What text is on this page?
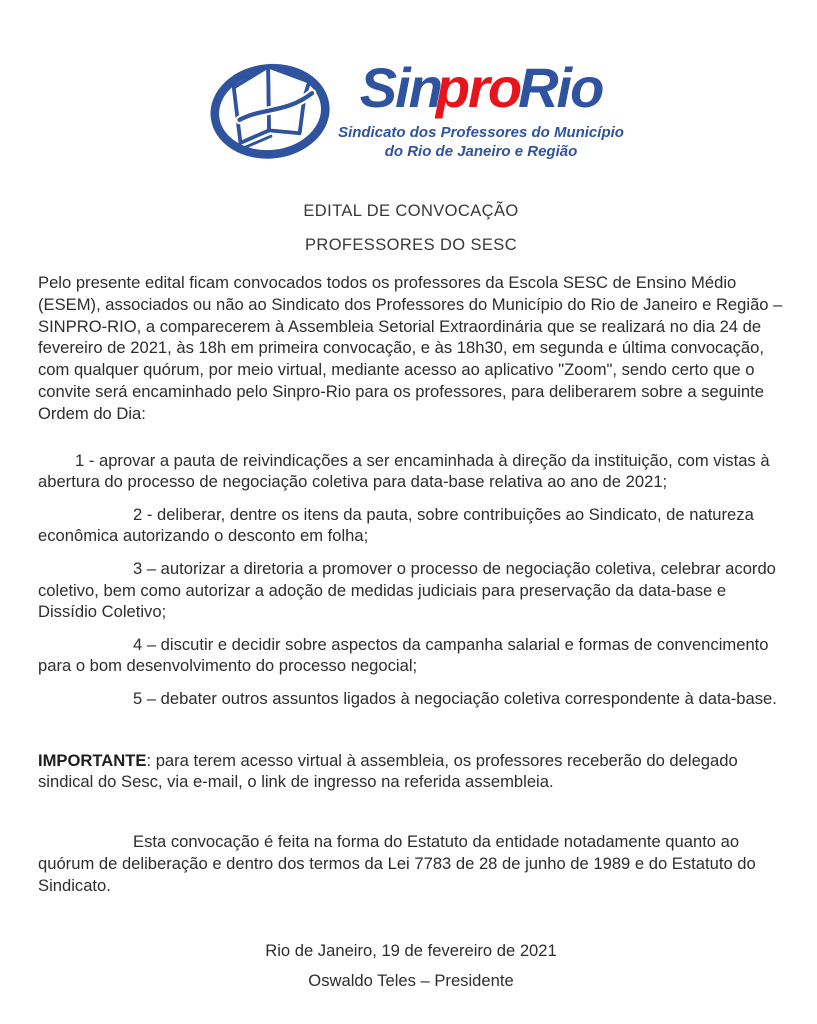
SinproRio
Sindicato dos Professores do Município
do Rio de Janeiro e Região
EDITAL DE CONVOCAÇÃO
PROFESSORES DO SESC

Pelo presente edital ficam convocados todos os professores da Escola SESC de Ensino Médio (ESEM), associados ou não ao Sindicato dos Professores do Município do Rio de Janeiro e Região – SINPRO-RIO, a comparecerem à Assembleia Setorial Extraordinária que se realizará no dia 24 de fevereiro de 2021, às 18h em primeira convocação, e às 18h30, em segunda e última convocação, com qualquer quórum, por meio virtual, mediante acesso ao aplicativo "Zoom", sendo certo que o convite será encaminhado pelo Sinpro-Rio para os professores, para deliberarem sobre a seguinte Ordem do Dia:

1 - aprovar a pauta de reivindicações a ser encaminhada à direção da instituição, com vistas à abertura do processo de negociação coletiva para data-base relativa ao ano de 2021;

2 - deliberar, dentre os itens da pauta, sobre contribuições ao Sindicato, de natureza econômica autorizando o desconto em folha;

3 – autorizar a diretoria a promover o processo de negociação coletiva, celebrar acordo coletivo, bem como autorizar a adoção de medidas judiciais para preservação da data-base e Dissídio Coletivo;

4 – discutir e decidir sobre aspectos da campanha salarial e formas de convencimento para o bom desenvolvimento do processo negocial;

5 – debater outros assuntos ligados à negociação coletiva correspondente à data-base.

IMPORTANTE: para terem acesso virtual à assembleia, os professores receberão do delegado sindical do Sesc, via e-mail, o link de ingresso na referida assembleia.

Esta convocação é feita na forma do Estatuto da entidade notadamente quanto ao quórum de deliberação e dentro dos termos da Lei 7783 de 28 de junho de 1989 e do Estatuto do Sindicato.

Rio de Janeiro, 19 de fevereiro de 2021

Oswaldo Teles – Presidente
